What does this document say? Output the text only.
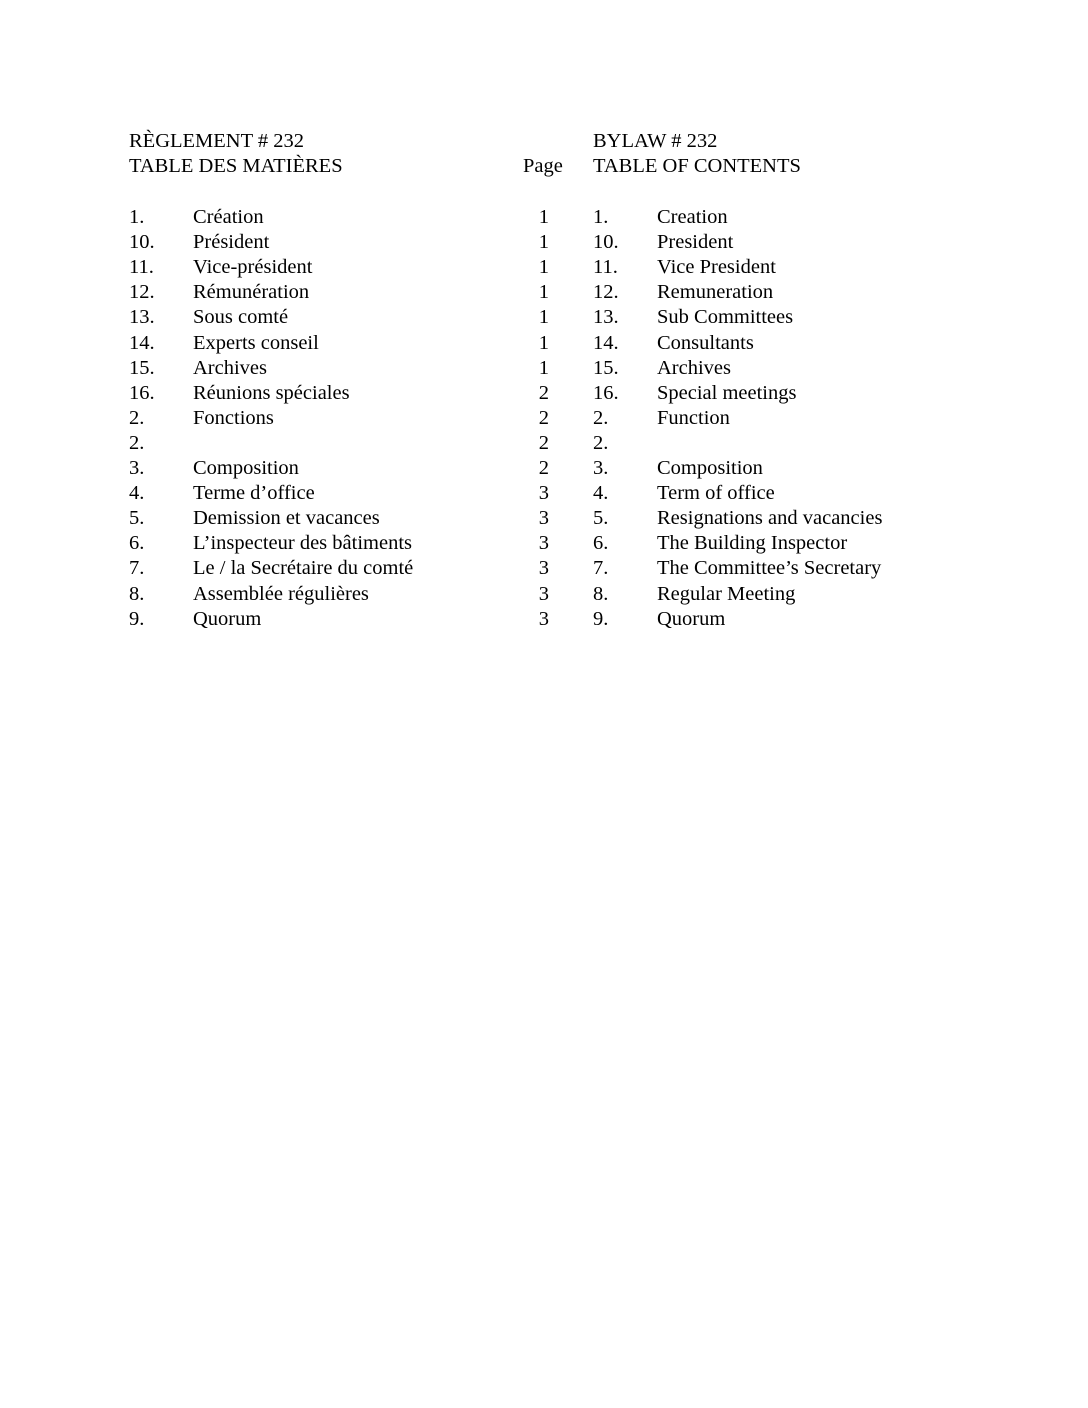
RÈGLEMENT # 232	BYLAW # 232
TABLE DES MATIÈRES	Page TABLE OF CONTENTS
1. Création	1 1. Creation
10. Président	1 10. President
11. Vice-président	1 11. Vice President
12. Rémunération	1 12. Remuneration
13. Sous comté	1 13. Sub Committees
14. Experts conseil	1 14. Consultants
15. Archives	1 15. Archives
16. Réunions spéciales	2 16. Special meetings
2. Fonctions	2 2. Function
2.	2 2.
3. Composition	2 3. Composition
4. Terme d’office	3 4. Term of office
5. Demission et vacances	3 5. Resignations and vacancies
6. L’inspecteur des bâtiments	3 6. The Building Inspector
7. Le / la Secrétaire du comté	3 7. The Committee’s Secretary
8. Assemblée régulières	3 8. Regular Meeting
9. Quorum	3 9. Quorum
